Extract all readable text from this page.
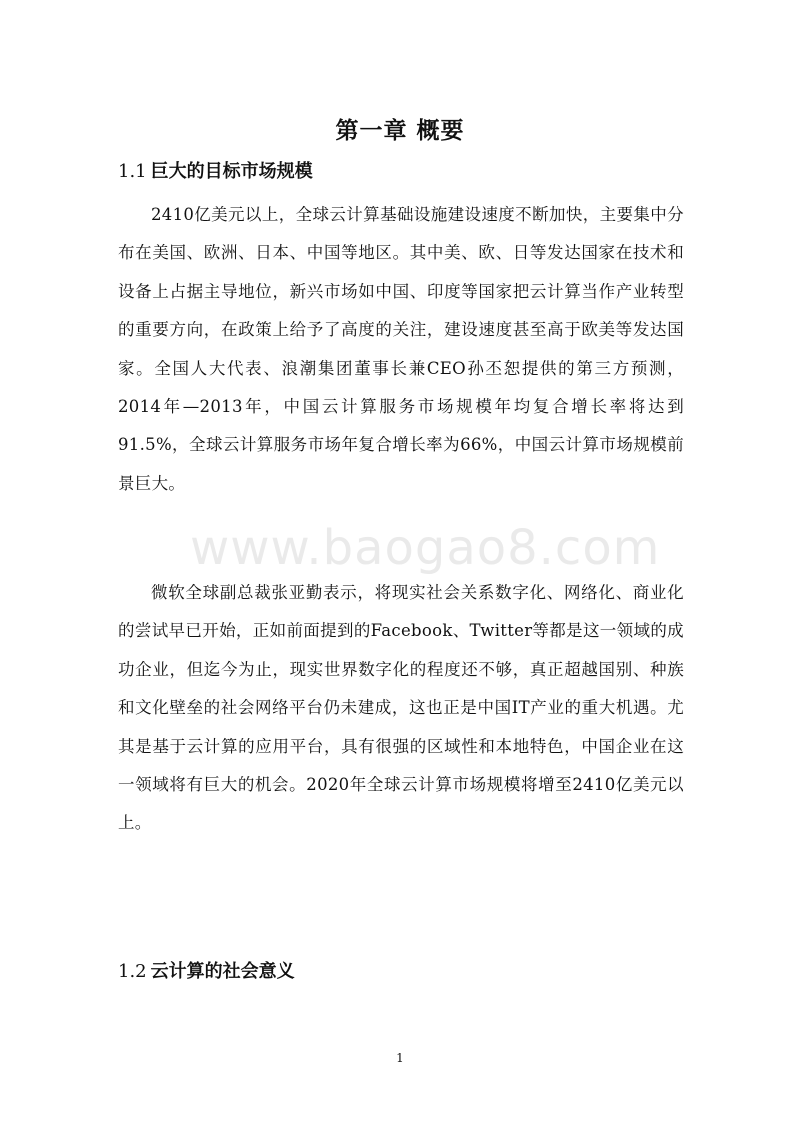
第一章 概要
1.1 巨大的目标市场规模

2410亿美元以上，全球云计算基础设施建设速度不断加快，主要集中分布在美国、欧洲、日本、中国等地区。其中美、欧、日等发达国家在技术和设备上占据主导地位，新兴市场如中国、印度等国家把云计算当作产业转型的重要方向，在政策上给予了高度的关注，建设速度甚至高于欧美等发达国家。全国人大代表、浪潮集团董事长兼CEO孙丕恕提供的第三方预测，2014年—2013年，中国云计算服务市场规模年均复合增长率将达到91.5%，全球云计算服务市场年复合增长率为66%，中国云计算市场规模前景巨大。

微软全球副总裁张亚勤表示，将现实社会关系数字化、网络化、商业化的尝试早已开始，正如前面提到的Facebook、Twitter等都是这一领域的成功企业，但迄今为止，现实世界数字化的程度还不够，真正超越国别、种族和文化壁垒的社会网络平台仍未建成，这也正是中国IT产业的重大机遇。尤其是基于云计算的应用平台，具有很强的区域性和本地特色，中国企业在这一领域将有巨大的机会。2020年全球云计算市场规模将增至2410亿美元以上。

1.2 云计算的社会意义
www.baogao8.com
1
